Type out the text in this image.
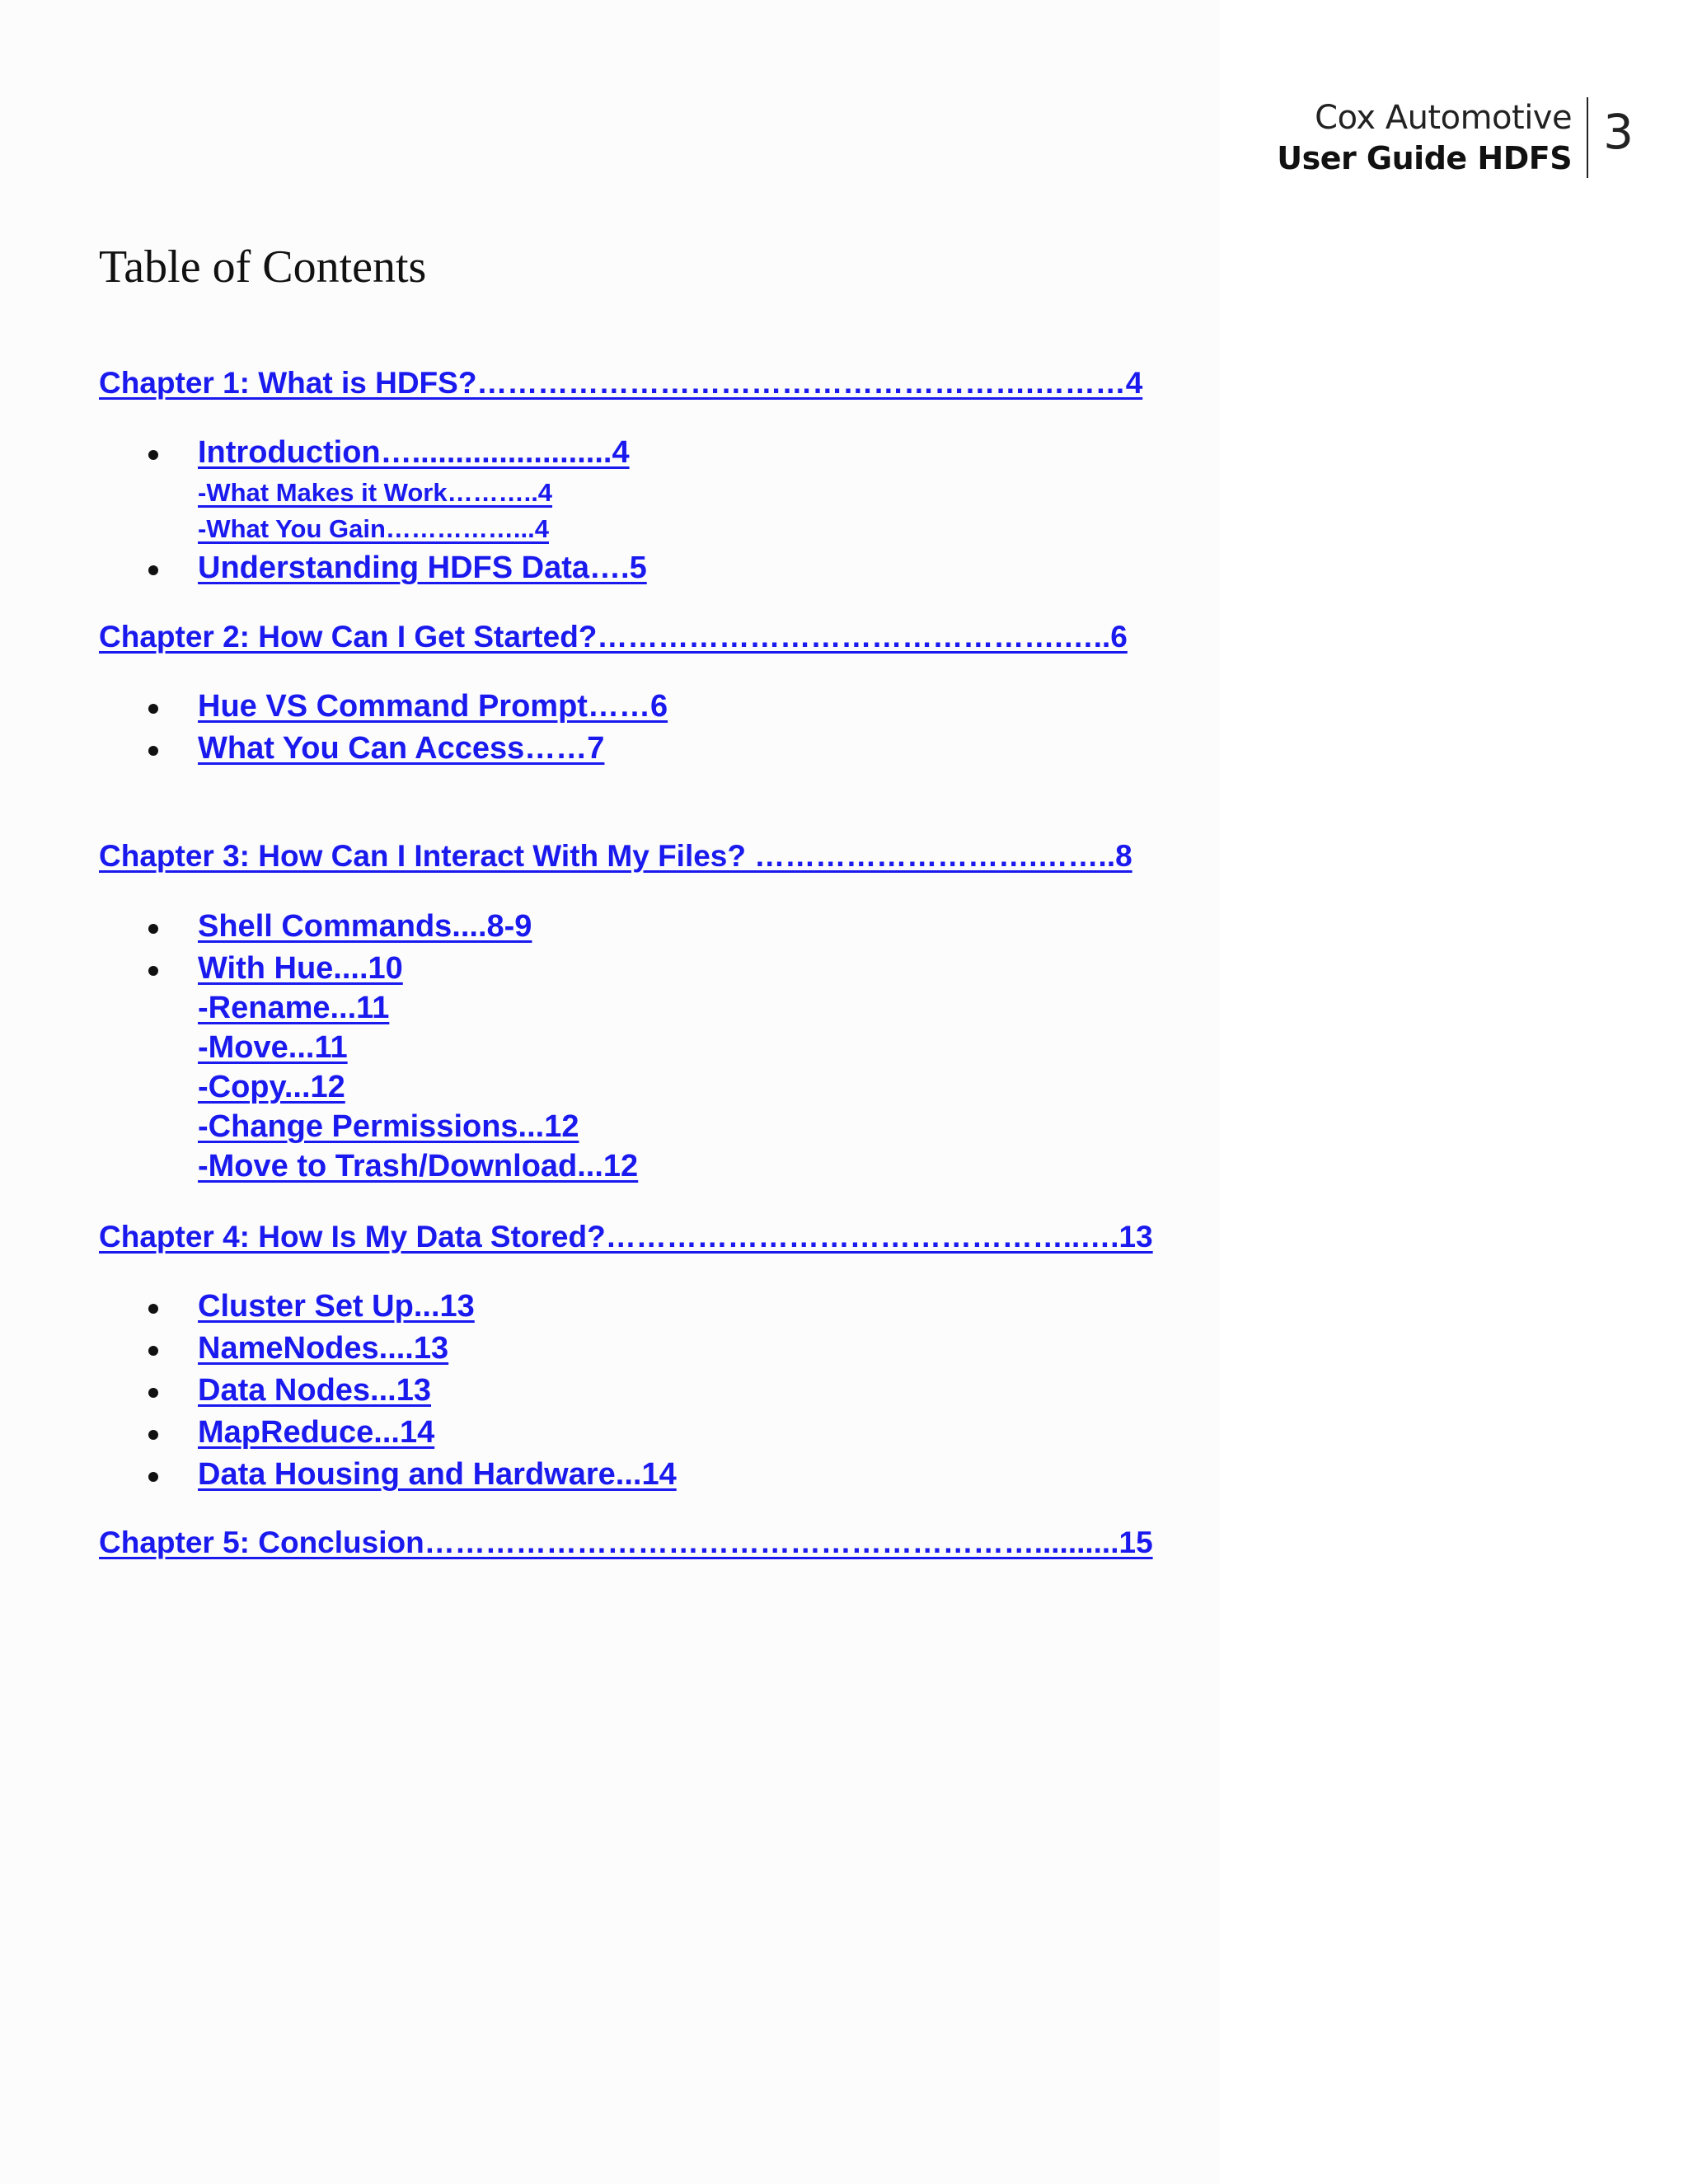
Cox Automotive
User Guide HDFS 3
Table of Contents
Chapter 1: What is HDFS?……………………………………………….………4
Introduction….......................4
-What Makes it Work………..4
-What You Gain……………...4
Understanding HDFS Data….5
Chapter 2: How Can I Get Started?……………………………………….…..6
Hue VS Command Prompt……6
What You Can Access……7
Chapter 3: How Can I Interact With My Files? ……………………….……..8
Shell Commands....8-9
With Hue....10
-Rename...11
-Move...11
-Copy...12
-Change Permissions...12
-Move to Trash/Download...12
Chapter 4: How Is My Data Stored?………………………………………..….13
Cluster Set Up...13
NameNodes....13
Data Nodes...13
MapReduce...14
Data Housing and Hardware...14
Chapter 5: Conclusion……………………………………………………..........15
